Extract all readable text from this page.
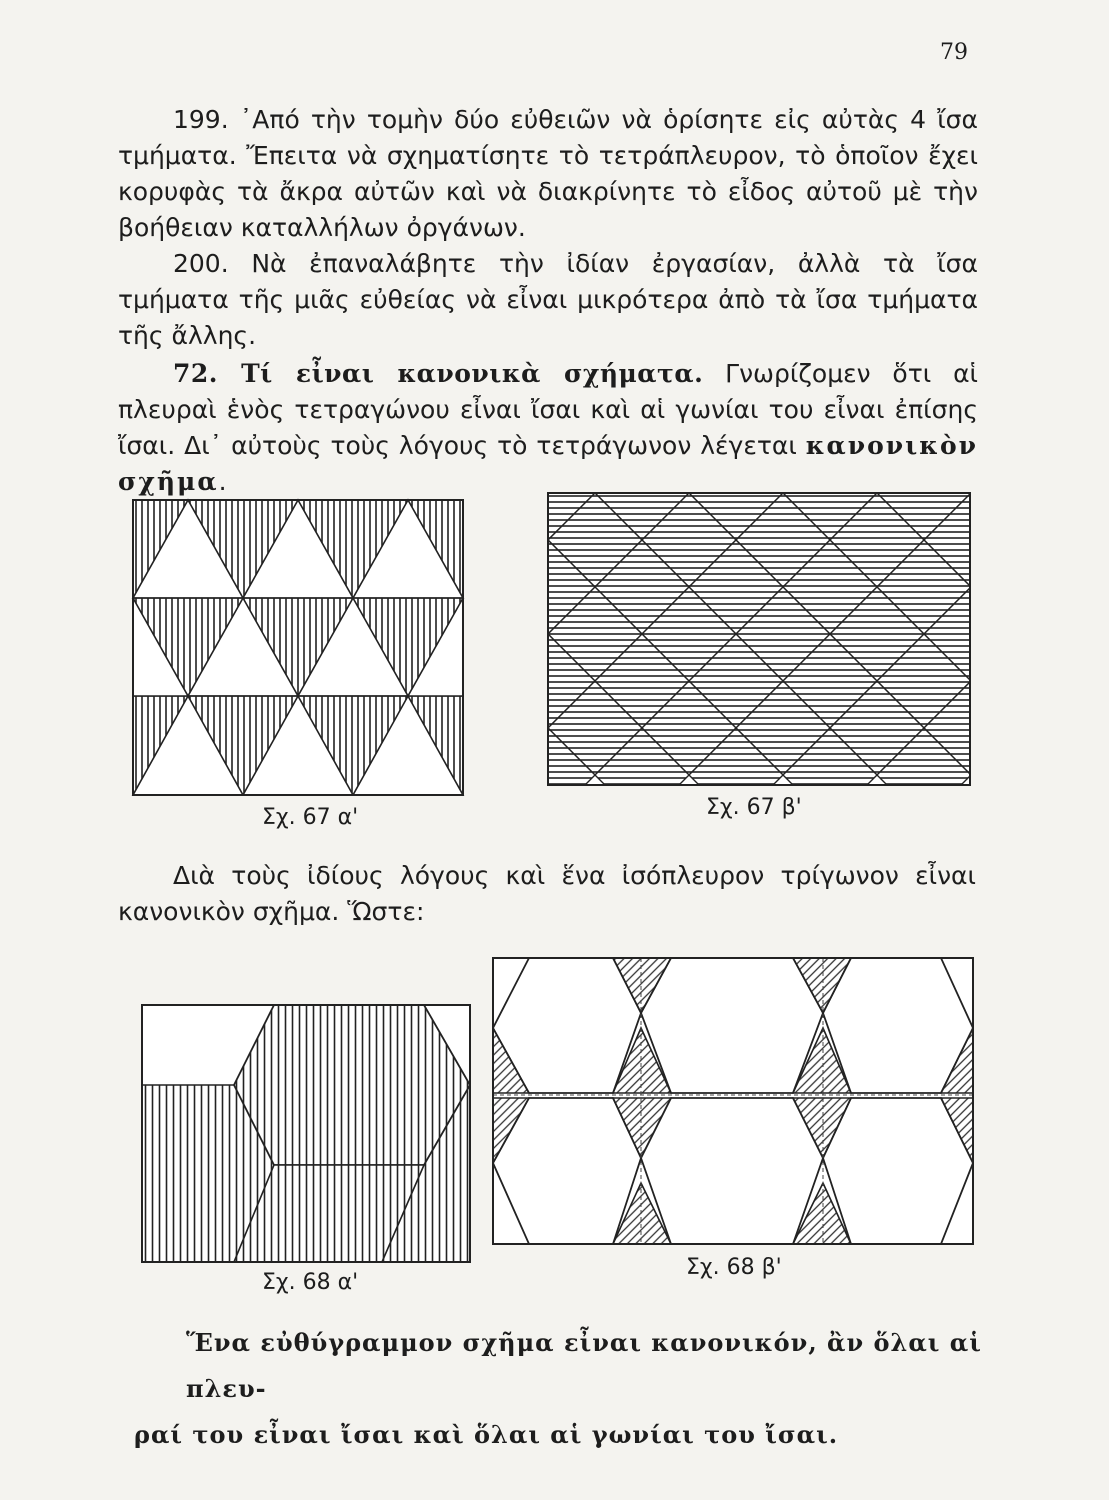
79

199. ᾿Από τὴν τομὴν δύο εὐθειῶν νὰ ὁρίσητε εἰς αὐτὰς 4 ἴσα τμήματα. Ἔπειτα νὰ σχηματίσητε τὸ τετράπλευρον, τὸ ὁποῖον ἔχει κορυφὰς τὰ ἄκρα αὐτῶν καὶ νὰ διακρίνητε τὸ εἶδος αὐτοῦ μὲ τὴν βοήθειαν καταλλήλων ὀργάνων.

200. Νὰ ἐπαναλάβητε τὴν ἰδίαν ἐργασίαν, ἀλλὰ τὰ ἴσα τμήματα τῆς μιᾶς εὐθείας νὰ εἶναι μικρότερα ἀπὸ τὰ ἴσα τμήματα τῆς ἄλλης.

72. Τί εἶναι κανονικὰ σχήματα. Γνωρίζομεν ὅτι αἱ πλευραὶ ἑνὸς τετραγώνου εἶναι ἴσαι καὶ αἱ γωνίαι του εἶναι ἐπίσης ἴσαι. Δι᾿ αὐτοὺς τοὺς λόγους τὸ τετράγωνον λέγεται κανονικὸν σχῆμα.

Σχ. 67 α'	Σχ. 67 β'
Διὰ τοὺς ἰδίους λόγους καὶ ἕνα ἰσόπλευρον τρίγωνον εἶναι κανονικὸν σχῆμα. Ὥστε:
Σχ. 68 α'
Σχ. 68 β'
Ἕνα εὐθύγραμμον σχῆμα εἶναι κανονικόν, ἂν ὅλαι αἱ πλευ-
ραί του εἶναι ἴσαι καὶ ὅλαι αἱ γωνίαι του ἴσαι.
